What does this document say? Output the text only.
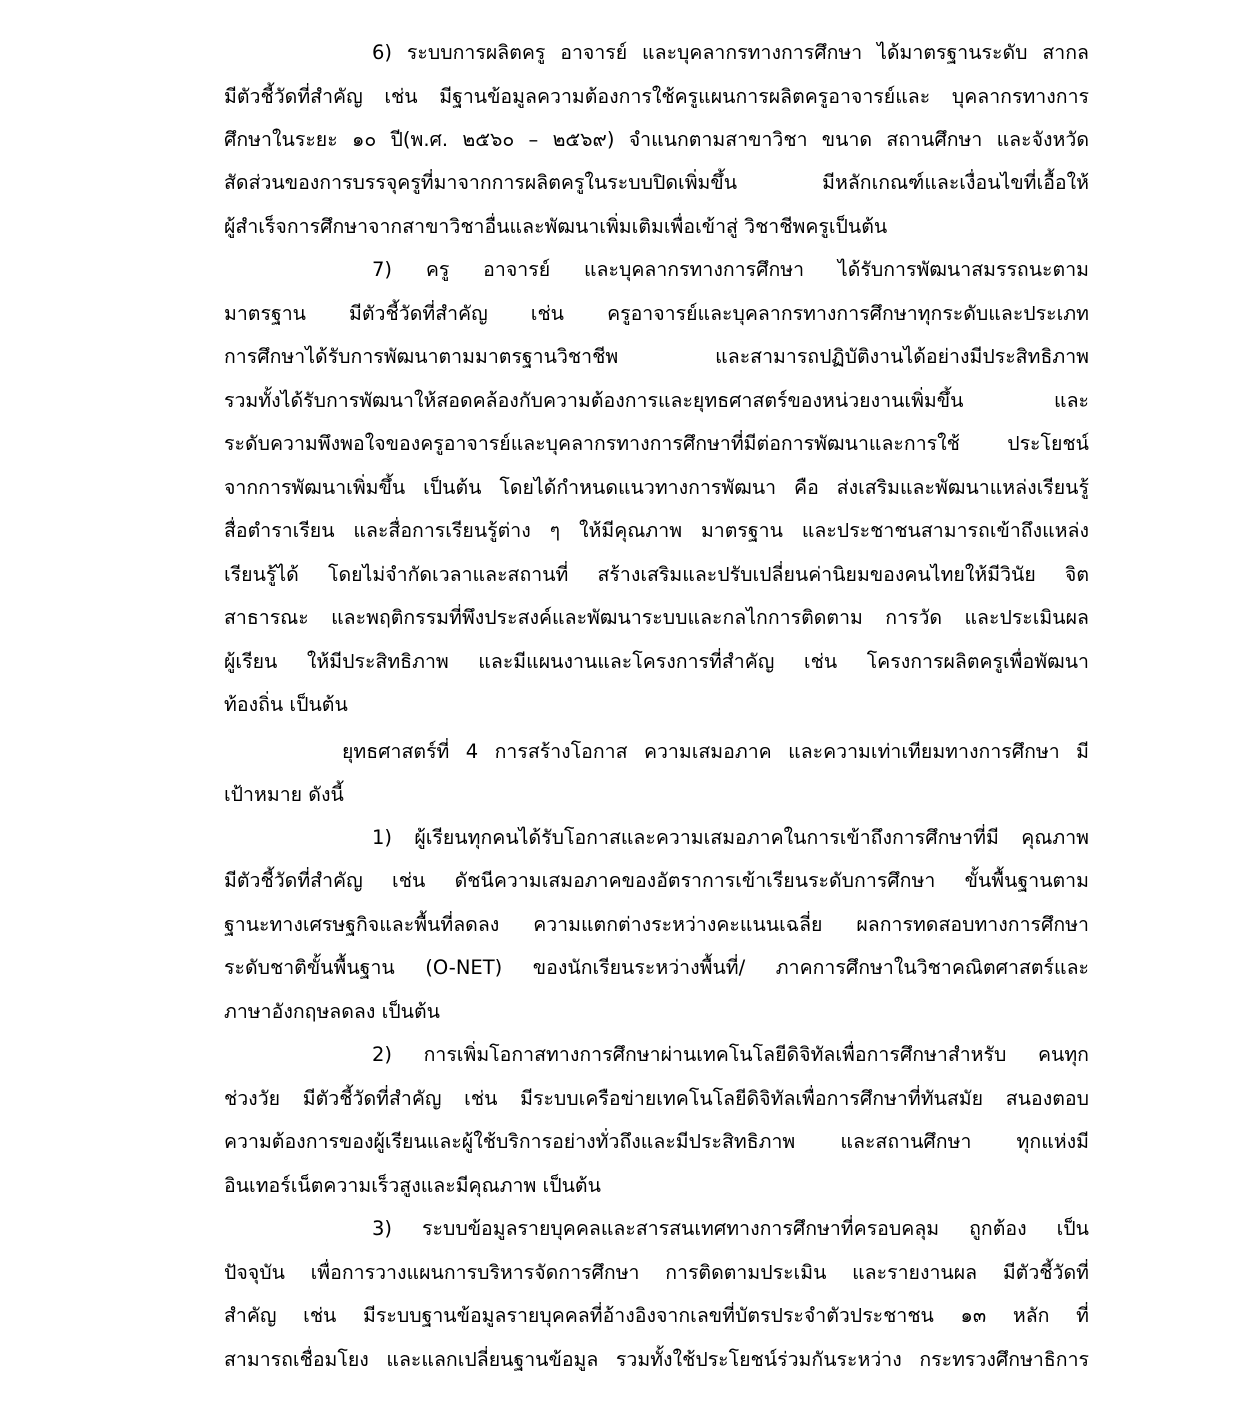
6) ระบบการผลิตครู อาจารย์ และบุคลากรทางการศึกษา ได้มาตรฐานระดับ สากล
มีตัวชี้วัดที่สำคัญ เช่น มีฐานข้อมูลความต้องการใช้ครูแผนการผลิตครูอาจารย์และ บุคลากรทางการ
ศึกษาในระยะ ๑๐ ปี(พ.ศ. ๒๕๖๐ – ๒๕๖๙) จำแนกตามสาขาวิชา ขนาด สถานศึกษา และจังหวัด
สัดส่วนของการบรรจุครูที่มาจากการผลิตครูในระบบปิดเพิ่มขึ้น มีหลักเกณฑ์และเงื่อนไขที่เอื้อให้
ผู้สำเร็จการศึกษาจากสาขาวิชาอื่นและพัฒนาเพิ่มเติมเพื่อเข้าสู่ วิชาชีพครูเป็นต้น
7) ครู อาจารย์ และบุคลากรทางการศึกษา ได้รับการพัฒนาสมรรถนะตาม
มาตรฐาน มีตัวชี้วัดที่สำคัญ เช่น ครูอาจารย์และบุคลากรทางการศึกษาทุกระดับและประเภท
การศึกษาได้รับการพัฒนาตามมาตรฐานวิชาชีพ และสามารถปฏิบัติงานได้อย่างมีประสิทธิภาพ
รวมทั้งได้รับการพัฒนาให้สอดคล้องกับความต้องการและยุทธศาสตร์ของหน่วยงานเพิ่มขึ้น และ
ระดับความพึงพอใจของครูอาจารย์และบุคลากรทางการศึกษาที่มีต่อการพัฒนาและการใช้ ประโยชน์
จากการพัฒนาเพิ่มขึ้น เป็นต้น โดยได้กำหนดแนวทางการพัฒนา คือ ส่งเสริมและพัฒนาแหล่งเรียนรู้
สื่อตำราเรียน และสื่อการเรียนรู้ต่าง ๆ ให้มีคุณภาพ มาตรฐาน และประชาชนสามารถเข้าถึงแหล่ง
เรียนรู้ได้ โดยไม่จำกัดเวลาและสถานที่ สร้างเสริมและปรับเปลี่ยนค่านิยมของคนไทยให้มีวินัย จิต
สาธารณะ และพฤติกรรมที่พึงประสงค์และพัฒนาระบบและกลไกการติดตาม การวัด และประเมินผล
ผู้เรียน ให้มีประสิทธิภาพ และมีแผนงานและโครงการที่สำคัญ เช่น โครงการผลิตครูเพื่อพัฒนา
ท้องถิ่น เป็นต้น
ยุทธศาสตร์ที่ 4 การสร้างโอกาส ความเสมอภาค และความเท่าเทียมทางการศึกษา มี
เป้าหมาย ดังนี้
1) ผู้เรียนทุกคนได้รับโอกาสและความเสมอภาคในการเข้าถึงการศึกษาที่มี คุณภาพ
มีตัวชี้วัดที่สำคัญ เช่น ดัชนีความเสมอภาคของอัตราการเข้าเรียนระดับการศึกษา ขั้นพื้นฐานตาม
ฐานะทางเศรษฐกิจและพื้นที่ลดลง ความแตกต่างระหว่างคะแนนเฉลี่ย ผลการทดสอบทางการศึกษา
ระดับชาติขั้นพื้นฐาน (O-NET) ของนักเรียนระหว่างพื้นที่/ ภาคการศึกษาในวิชาคณิตศาสตร์และ
ภาษาอังกฤษลดลง เป็นต้น
2) การเพิ่มโอกาสทางการศึกษาผ่านเทคโนโลยีดิจิทัลเพื่อการศึกษาสำหรับ คนทุก
ช่วงวัย มีตัวชี้วัดที่สำคัญ เช่น มีระบบเครือข่ายเทคโนโลยีดิจิทัลเพื่อการศึกษาที่ทันสมัย สนองตอบ
ความต้องการของผู้เรียนและผู้ใช้บริการอย่างทั่วถึงและมีประสิทธิภาพ และสถานศึกษา ทุกแห่งมี
อินเทอร์เน็ตความเร็วสูงและมีคุณภาพ เป็นต้น
3) ระบบข้อมูลรายบุคคลและสารสนเทศทางการศึกษาที่ครอบคลุม ถูกต้อง เป็น
ปัจจุบัน เพื่อการวางแผนการบริหารจัดการศึกษา การติดตามประเมิน และรายงานผล มีตัวชี้วัดที่
สำคัญ เช่น มีระบบฐานข้อมูลรายบุคคลที่อ้างอิงจากเลขที่บัตรประจำตัวประชาชน ๑๓ หลัก ที่
สามารถเชื่อมโยง และแลกเปลี่ยนฐานข้อมูล รวมทั้งใช้ประโยชน์ร่วมกันระหว่าง กระทรวงศึกษาธิการ
